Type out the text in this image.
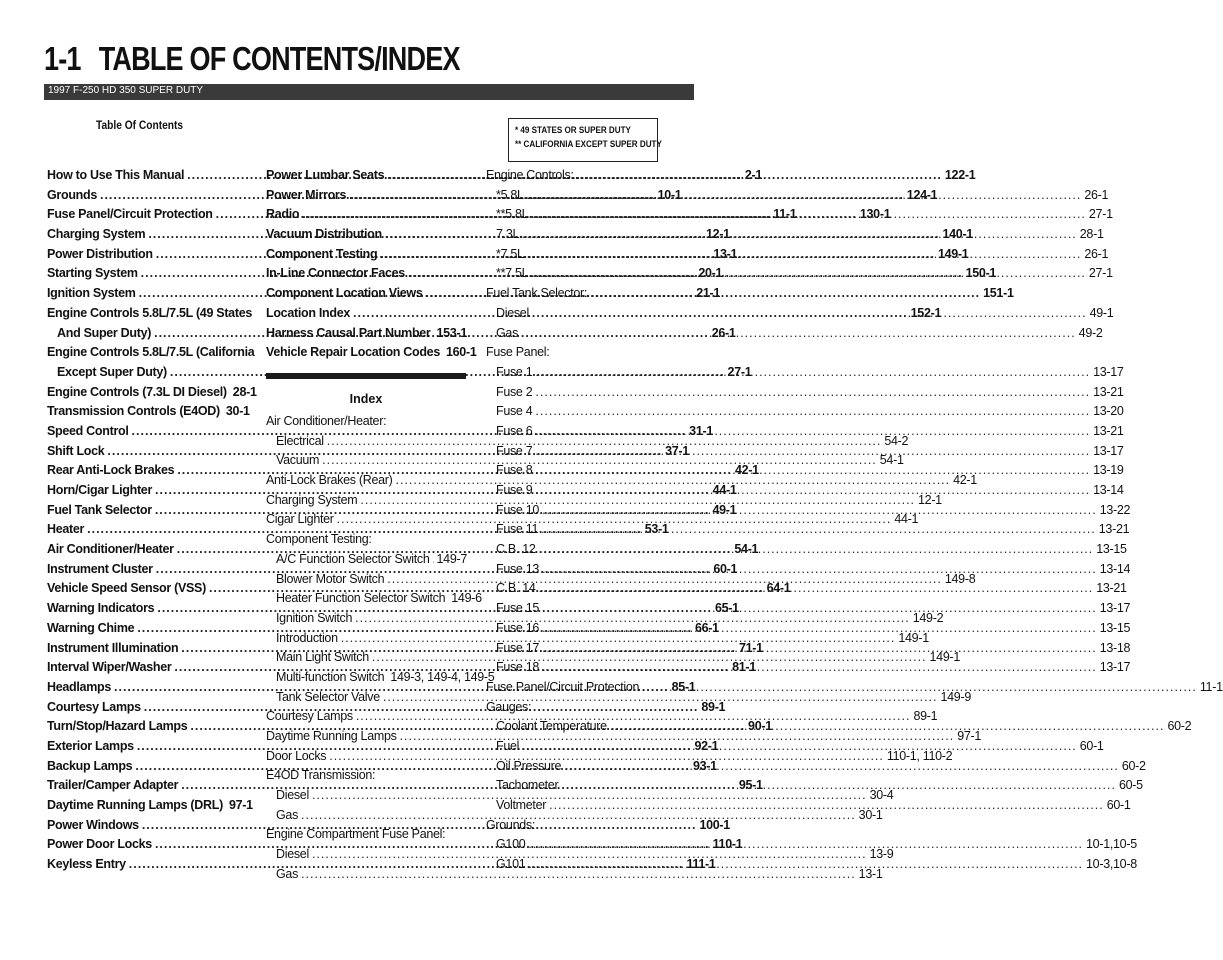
1-1 TABLE OF CONTENTS/INDEX
1997 F-250 HD 350 SUPER DUTY
Table Of Contents	* 49 STATES OR SUPER DUTY
** CALIFORNIA EXCEPT SUPER DUTY
How to Use This Manual .....	2-1
Grounds .....	10-1
Fuse Panel/Circuit Protection .....	11-1
Charging System .....	12-1
Power Distribution .....	13-1
Starting System .....	20-1
Ignition System .....	21-1
Engine Controls 5.8L/7.5L (49 States
And Super Duty) .....	26-1
Engine Controls 5.8L/7.5L (California
Except Super Duty) .....	27-1
Engine Controls (7.3L DI Diesel) 28-1
Transmission Controls (E4OD) 30-1
Speed Control .....	31-1
Shift Lock .....	37-1
Rear Anti-Lock Brakes .....	42-1
Horn/Cigar Lighter .....	44-1
Fuel Tank Selector .....	49-1
Heater .....	53-1
Air Conditioner/Heater .....	54-1
Instrument Cluster .....	60-1
Vehicle Speed Sensor (VSS) .....	64-1
Warning Indicators .....	65-1
Warning Chime .....	66-1
Instrument Illumination .....	71-1
Interval Wiper/Washer .....	81-1
Headlamps .....	85-1
Courtesy Lamps .....	89-1
Turn/Stop/Hazard Lamps .....	90-1
Exterior Lamps .....	92-1
Backup Lamps .....	93-1
Trailer/Camper Adapter .....	95-1
Daytime Running Lamps (DRL) 97-1
Power Windows .....	100-1
Power Door Locks .....	110-1
Keyless Entry .....	111-1
Power Lumbar Seats .....	122-1
Power Mirrors .....	124-1
Radio .....	130-1
Vacuum Distribution .....	140-1
Component Testing .....	149-1
In-Line Connector Faces .....	150-1
Component Location Views .....	151-1
Location Index .....	152-1
Harness Causal Part Number ..... 153-1
Vehicle Repair Location Codes 160-1
Index
Air Conditioner/Heater:
Electrical .....	54-2
Vacuum .....	54-1
Anti-Lock Brakes (Rear) .....	42-1
Charging System .....	12-1
Cigar Lighter .....	44-1
Component Testing:
A/C Function Selector Switch ..... 149-7
Blower Motor Switch .....	149-8
Heater Function Selector Switch 149-6
Ignition Switch .....	149-2
Introduction .....	149-1
Main Light Switch .....	149-1
Multi-function Switch 149-3, 149-4, 149-5
Tank Selector Valve .....	149-9
Courtesy Lamps .....	89-1
Daytime Running Lamps .....	97-1
Door Locks .....	110-1, 110-2
E4OD Transmission:
Diesel .....	30-4
Gas .....	30-1
Engine Compartment Fuse Panel:
Diesel .....	13-9
Gas .....	13-1
Engine Controls:
*5.8L .....	26-1
**5.8L .....	27-1
7.3L .....	28-1
*7.5L .....	26-1
**7.5L .....	27-1
Fuel Tank Selector:
Diesel .....	49-1
Gas .....	49-2
Fuse Panel:
Fuse 1 .....	13-17
Fuse 2 .....	13-21
Fuse 4 .....	13-20
Fuse 6 .....	13-21
Fuse 7 .....	13-17
Fuse 8 .....	13-19
Fuse 9 .....	13-14
Fuse 10 .....	13-22
Fuse 11 .....	13-21
C.B. 12 .....	13-15
Fuse 13 .....	13-14
C.B. 14 .....	13-21
Fuse 15 .....	13-17
Fuse 16 .....	13-15
Fuse 17 .....	13-18
Fuse 18 .....	13-17
Fuse Panel/Circuit Protection .....	11-1
Gauges:
Coolant Temperature .....	60-2
Fuel .....	60-1
Oil Pressure .....	60-2
Tachometer .....	60-5
Voltmeter .....	60-1
Grounds:
G100 .....	10-1,10-5
G101 .....	10-3,10-8
